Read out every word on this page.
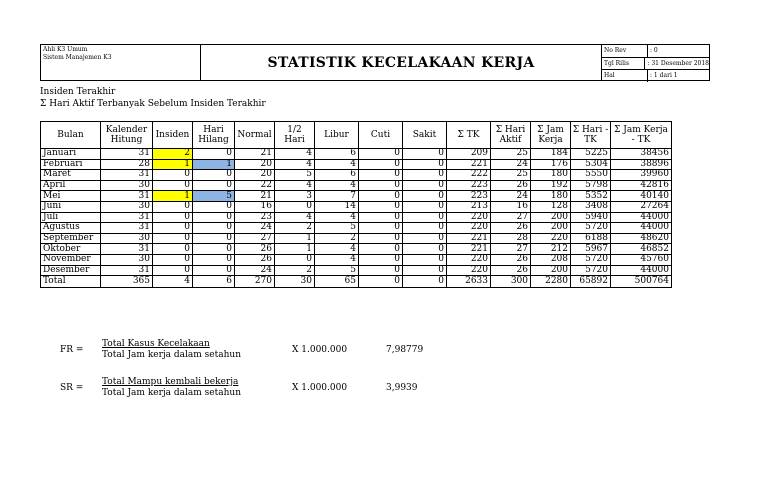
Ahli K3 Umum
Sistem Manajemen K3	STATISTIK KECELAKAAN KERJA
No Rev	: 0
Tgl Rilis	: 31 Desember 2018
Hal	: 1 dari 1
Insiden Terakhir
Σ Hari Aktif Terbanyak Sebelum Insiden Terakhir
Bulan	Kalender Hitung	Insiden	Hari Hilang	Normal	1/2 Hari	Libur	Cuti	Sakit	Σ TK	Σ Hari Aktif	Σ Jam Kerja	Σ Hari - TK	Σ Jam Kerja - TK
Januari	31	2	0	21	4	6	0	0	209	25	184	5225	38456
Februari	28	1	1	20	4	4	0	0	221	24	176	5304	38896
Maret	31	0	0	20	5	6	0	0	222	25	180	5550	39960
April	30	0	0	22	4	4	0	0	223	26	192	5798	42816
Mei	31	1	5	21	3	7	0	0	223	24	180	5352	40140
Juni	30	0	0	16	0	14	0	0	213	16	128	3408	27264
Juli	31	0	0	23	4	4	0	0	220	27	200	5940	44000
Agustus	31	0	0	24	2	5	0	0	220	26	200	5720	44000
September	30	0	0	27	1	2	0	0	221	28	220	6188	48620
Oktober	31	0	0	26	1	4	0	0	221	27	212	5967	46852
November	30	0	0	26	0	4	0	0	220	26	208	5720	45760
Desember	31	0	0	24	2	5	0	0	220	26	200	5720	44000
Total	365	4	6	270	30	65	0	0	2633	300	2280	65892	500764
FR =
Total Kasus Kecelakaan
Total Jam kerja dalam setahun	X 1.000.000	7,98779
SR =
Total Mampu kembali bekerja
Total Jam kerja dalam setahun	X 1.000.000	3,9939
